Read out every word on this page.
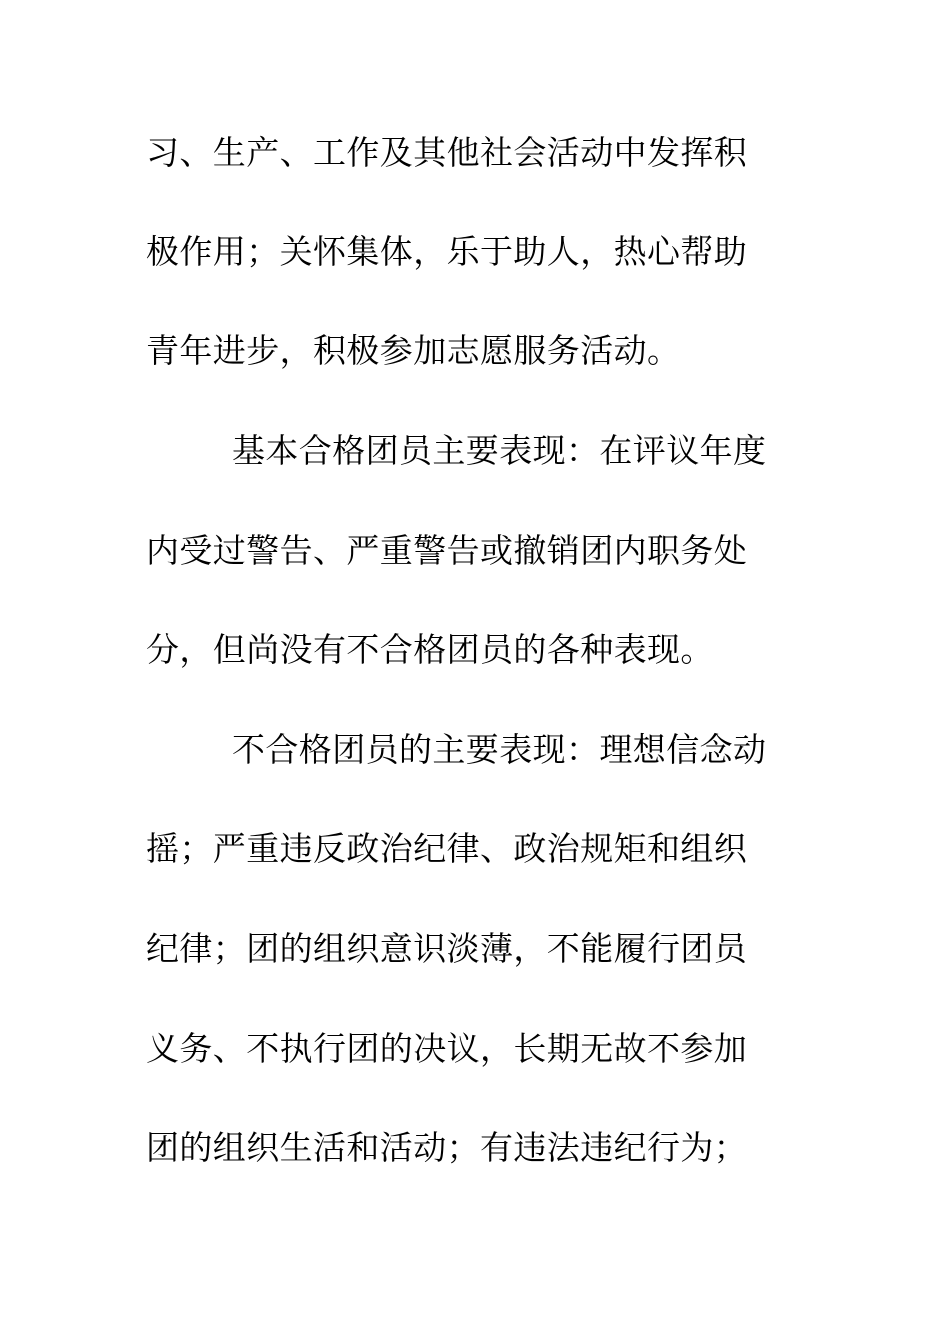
习、生产、工作及其他社会活动中发挥积
极作用；关怀集体，乐于助人，热心帮助
青年进步，积极参加志愿服务活动。
基本合格团员主要表现：在评议年度
内受过警告、严重警告或撤销团内职务处
分，但尚没有不合格团员的各种表现。
不合格团员的主要表现：理想信念动
摇；严重违反政治纪律、政治规矩和组织
纪律；团的组织意识淡薄，不能履行团员
义务、不执行团的决议，长期无故不参加
团的组织生活和活动；有违法违纪行为；
